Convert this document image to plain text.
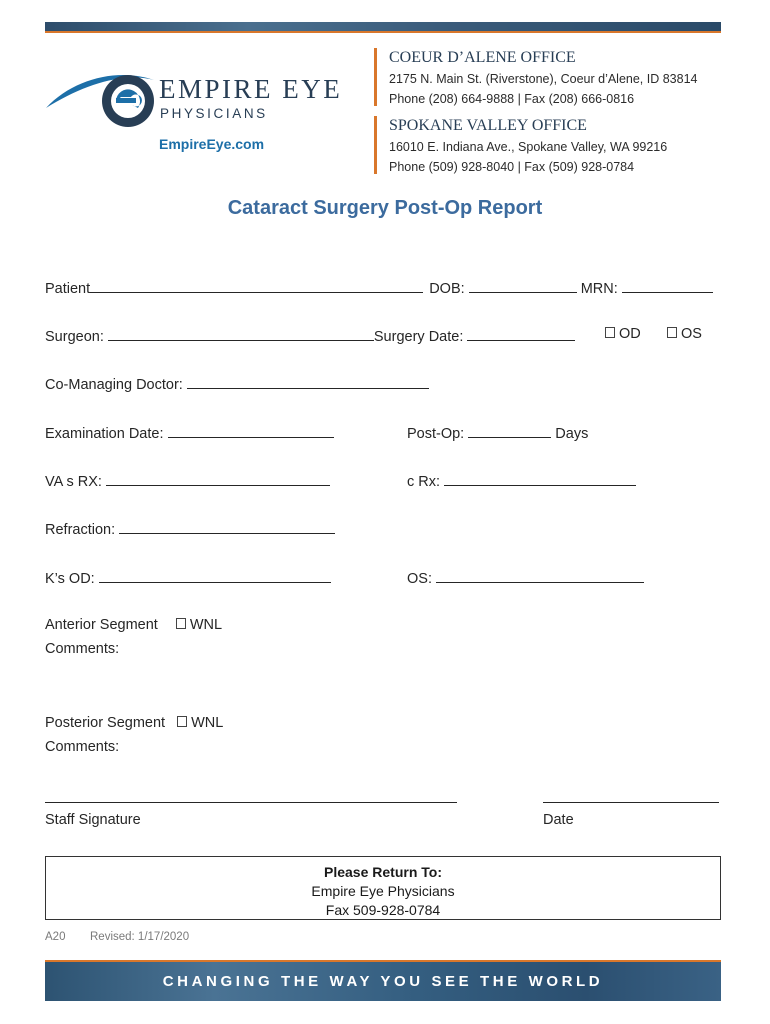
EMPIRE EYE
PHYSICIANS
EmpireEye.com
COEUR D’ALENE OFFICE
2175 N. Main St. (Riverstone), Coeur d’Alene, ID 83814
Phone (208) 664-9888 | Fax (208) 666-0816
SPOKANE VALLEY OFFICE
16010 E. Indiana Ave., Spokane Valley, WA 99216
Phone (509) 928-8040 | Fax (509) 928-0784
Cataract Surgery Post-Op Report
Patient	DOB:	MRN:
Surgeon:	Surgery Date:	OD	OS
Co-Managing Doctor:
Examination Date:	Post-Op:	Days
VA s RX:	c Rx:
Refraction:
K’s OD:	OS:
Anterior Segment WNL
Comments:
Posterior Segment WNL
Comments:
Staff Signature	Date
Please Return To:
Empire Eye Physicians
Fax 509-928-0784
A20 Revised: 1/17/2020
CHANGING THE WAY YOU SEE THE WORLD
